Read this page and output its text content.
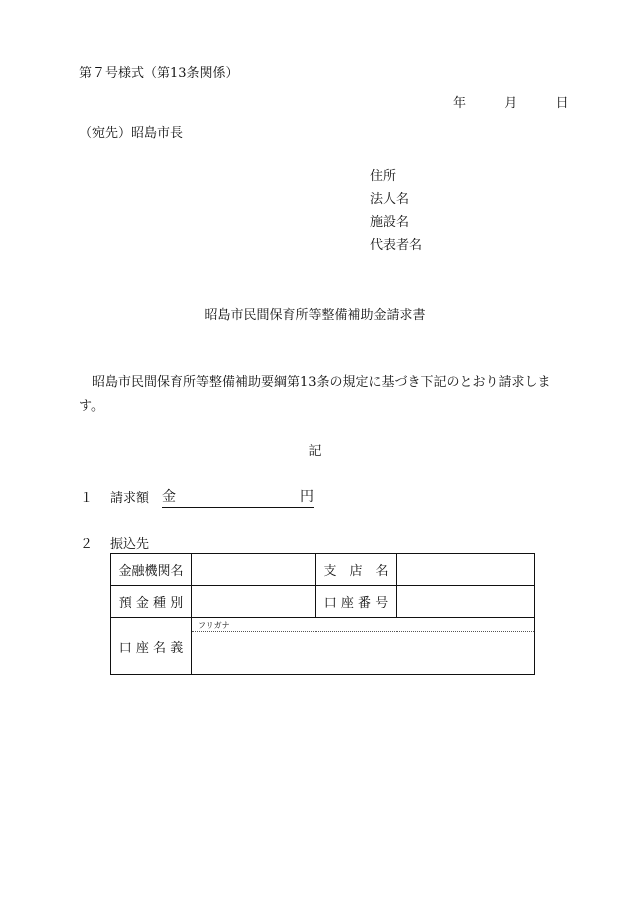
第７号様式（第13条関係）
年	月	日
（宛先）昭島市長
住所
法人名
施設名
代表者名
昭島市民間保育所等整備補助金請求書
昭島市民間保育所等整備補助要綱第13条の規定に基づき下記のとおり請求します。
記
１ 請求額 金	円
２ 振込先
金融機関名		支　店　名	
預 金 種 別		口 座 番 号	
口 座 名 義	フリガナ		
